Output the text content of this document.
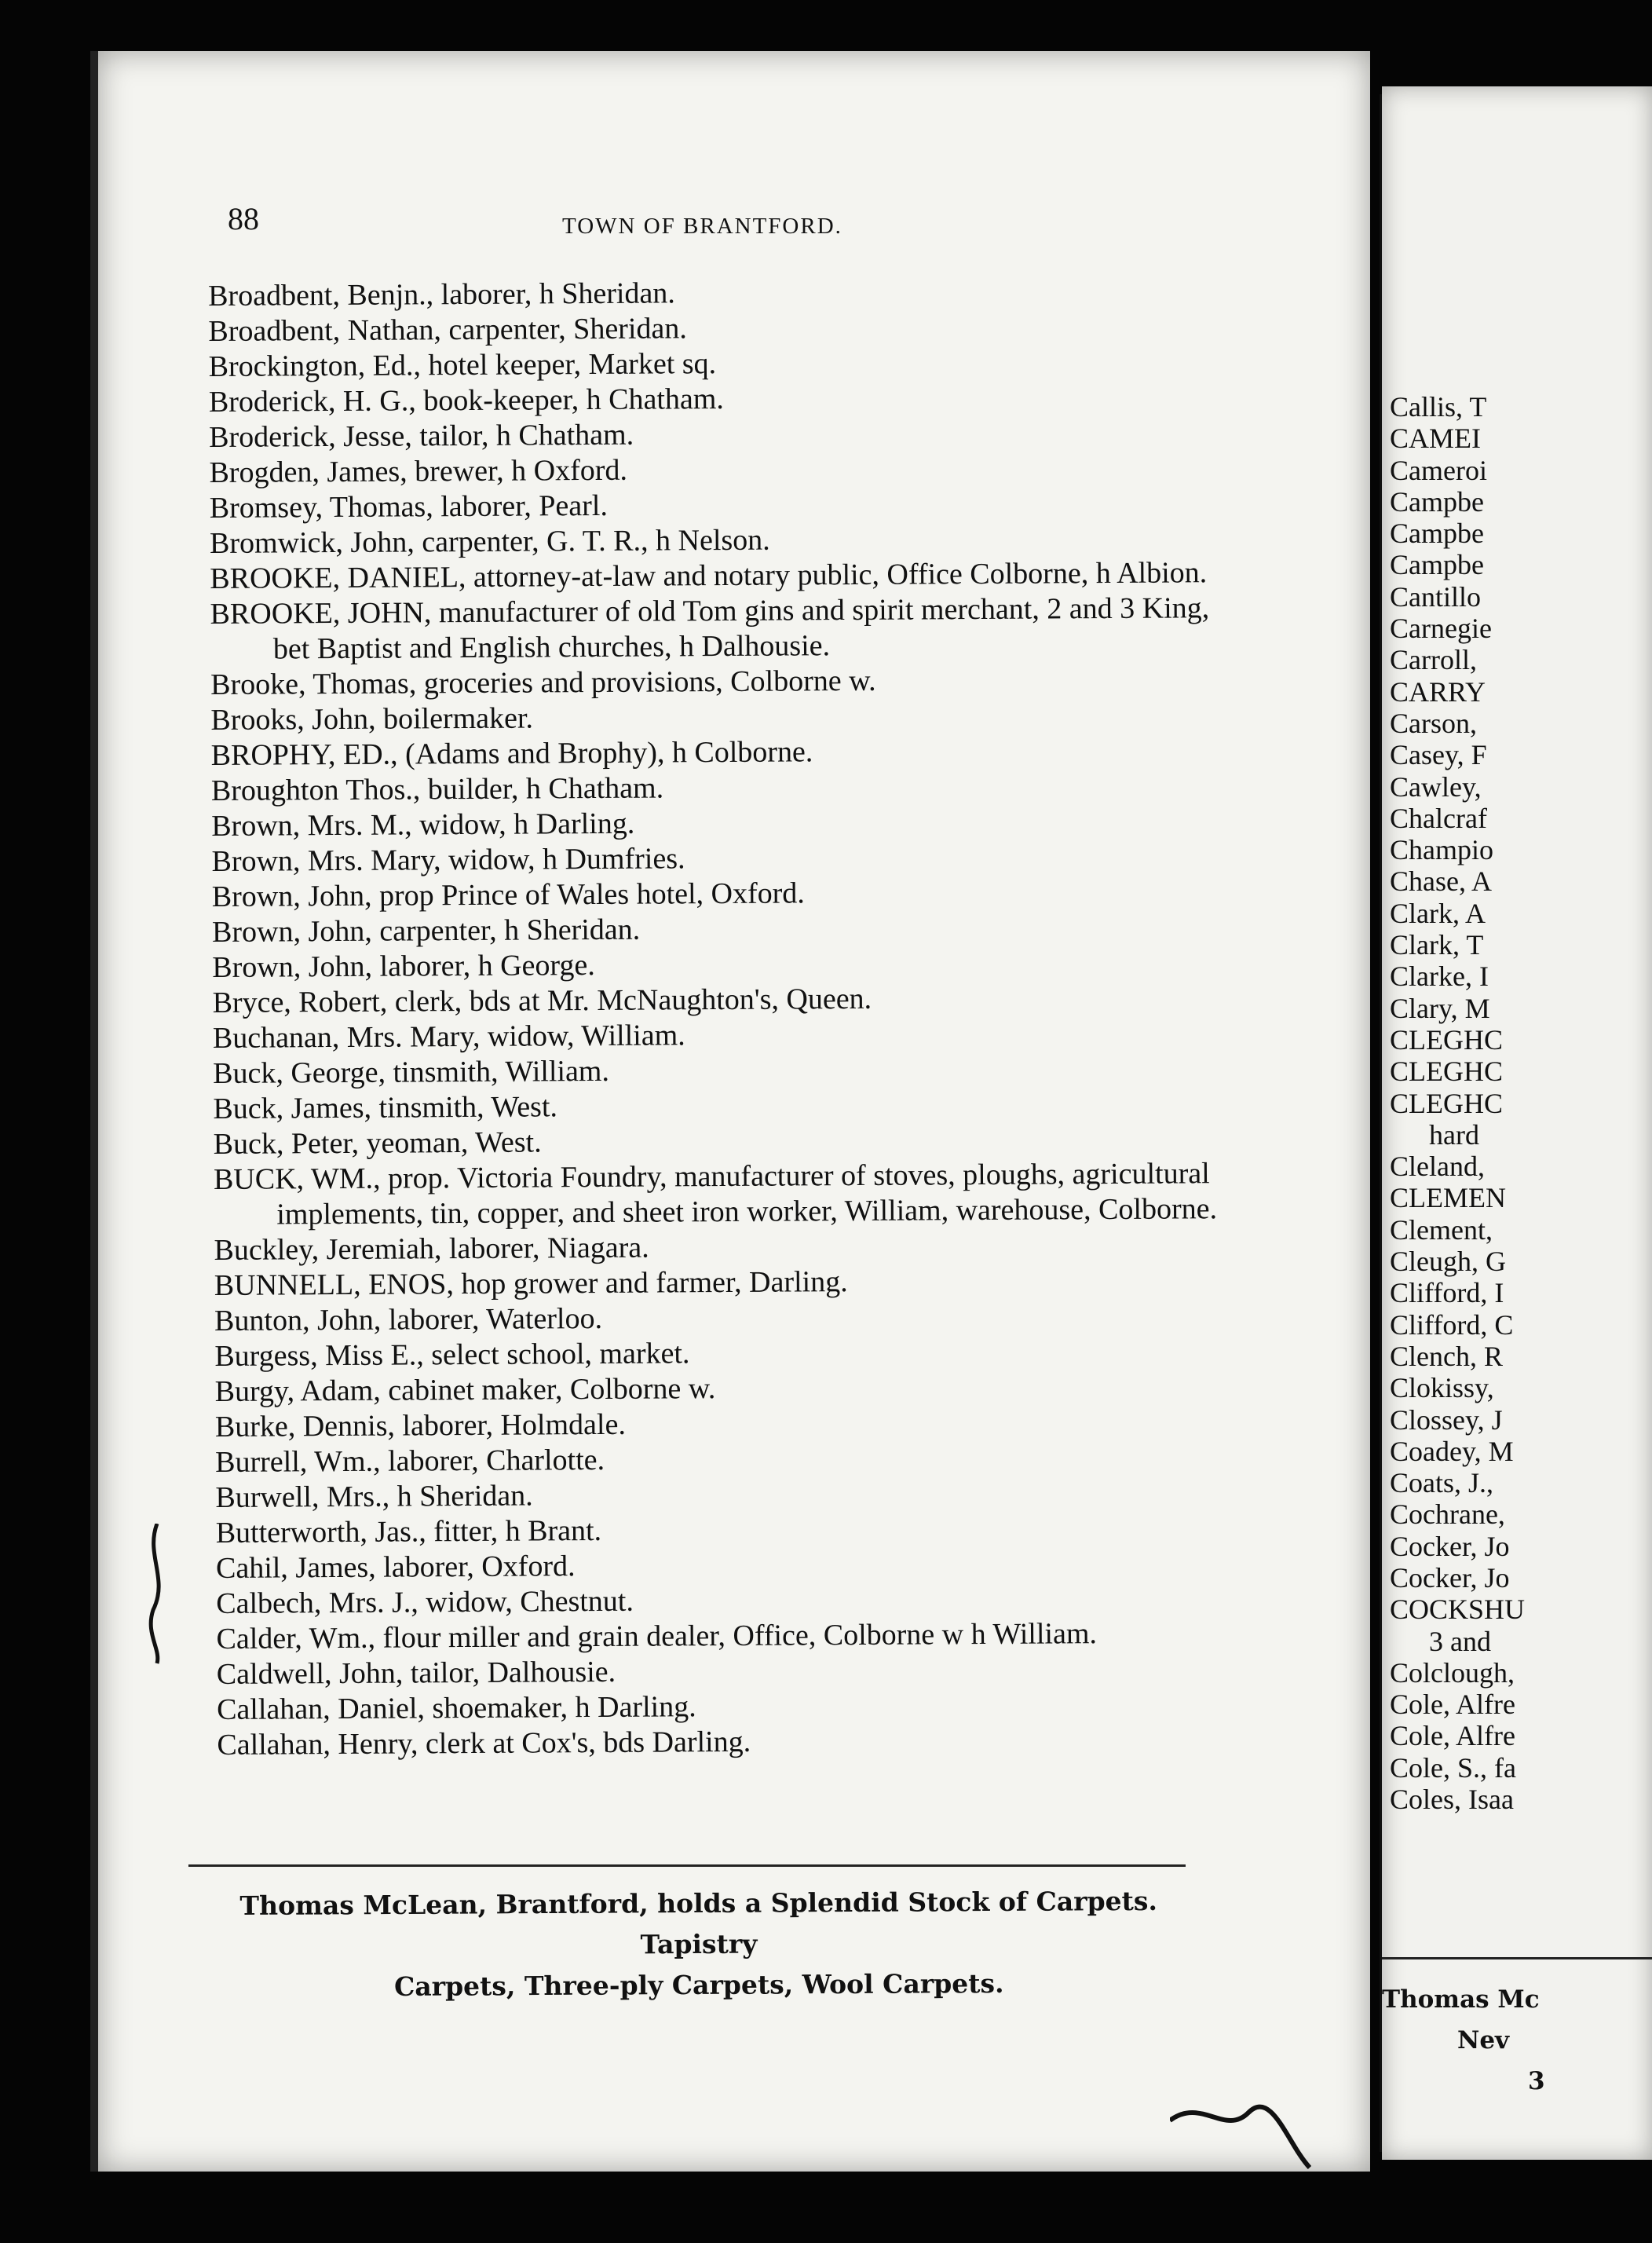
Callis, T
CAMEI
Cameroi
Campbe
Campbe
Campbe
Cantillo
Carnegie
Carroll,
CARRY
Carson,
Casey, F
Cawley,
Chalcraf
Champio
Chase, A
Clark, A
Clark, T
Clarke, I
Clary, M
CLEGHC
CLEGHC
CLEGHC
hard
Cleland,
CLEMEN
Clement,
Cleugh, G
Clifford, I
Clifford, C
Clench, R
Clokissy,
Clossey, J
Coadey, M
Coats, J.,
Cochrane,
Cocker, Jo
Cocker, Jo
COCKSHU
3 and
Colclough,
Cole, Alfre
Cole, Alfre
Cole, S., fa
Coles, Isaa
Thomas Mc
Nev
3
88	TOWN OF BRANTFORD.
Broadbent, Benjn., laborer, h Sheridan.
Broadbent, Nathan, carpenter, Sheridan.
Brockington, Ed., hotel keeper, Market sq.
Broderick, H. G., book-keeper, h Chatham.
Broderick, Jesse, tailor, h Chatham.
Brogden, James, brewer, h Oxford.
Bromsey, Thomas, laborer, Pearl.
Bromwick, John, carpenter, G. T. R., h Nelson.
BROOKE, DANIEL, attorney-at-law and notary public, Office Colborne, h Albion.
BROOKE, JOHN, manufacturer of old Tom gins and spirit merchant, 2 and 3 King, bet Baptist and English churches, h Dalhousie.
Brooke, Thomas, groceries and provisions, Colborne w.
Brooks, John, boilermaker.
BROPHY, ED., (Adams and Brophy), h Colborne.
Broughton Thos., builder, h Chatham.
Brown, Mrs. M., widow, h Darling.
Brown, Mrs. Mary, widow, h Dumfries.
Brown, John, prop Prince of Wales hotel, Oxford.
Brown, John, carpenter, h Sheridan.
Brown, John, laborer, h George.
Bryce, Robert, clerk, bds at Mr. McNaughton's, Queen.
Buchanan, Mrs. Mary, widow, William.
Buck, George, tinsmith, William.
Buck, James, tinsmith, West.
Buck, Peter, yeoman, West.
BUCK, WM., prop. Victoria Foundry, manufacturer of stoves, ploughs, agricultural implements, tin, copper, and sheet iron worker, William, warehouse, Colborne.
Buckley, Jeremiah, laborer, Niagara.
BUNNELL, ENOS, hop grower and farmer, Darling.
Bunton, John, laborer, Waterloo.
Burgess, Miss E., select school, market.
Burgy, Adam, cabinet maker, Colborne w.
Burke, Dennis, laborer, Holmdale.
Burrell, Wm., laborer, Charlotte.
Burwell, Mrs., h Sheridan.
Butterworth, Jas., fitter, h Brant.
Cahil, James, laborer, Oxford.
Calbech, Mrs. J., widow, Chestnut.
Calder, Wm., flour miller and grain dealer, Office, Colborne w h William.
Caldwell, John, tailor, Dalhousie.
Callahan, Daniel, shoemaker, h Darling.
Callahan, Henry, clerk at Cox's, bds Darling.
Thomas McLean, Brantford, holds a Splendid Stock of Carpets. Tapistry
Carpets, Three-ply Carpets, Wool Carpets.
